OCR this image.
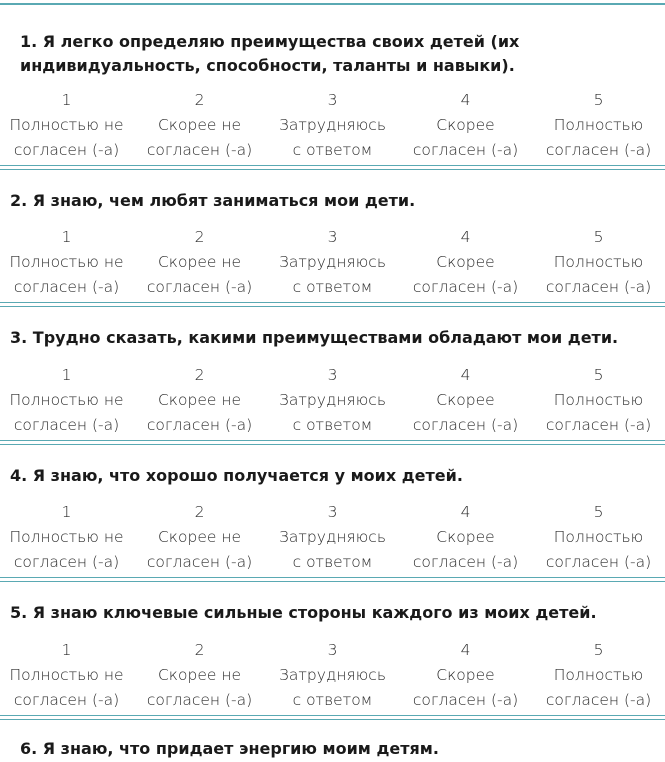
1. Я легко определяю преимущества своих детей (их индивидуальность, способности, таланты и навыки).

1
Полностью не
согласен (-а)
2
Скорее не
согласен (-а)
3
Затрудняюсь
с ответом
4
Скорее
согласен (-а)
5
Полностью
согласен (-а)

2. Я знаю, чем любят заниматься мои дети.

1
Полностью не
согласен (-а)
2
Скорее не
согласен (-а)
3
Затрудняюсь
с ответом
4
Скорее
согласен (-а)
5
Полностью
согласен (-а)

3. Трудно сказать, какими преимуществами обладают мои дети.

1
Полностью не
согласен (-а)
2
Скорее не
согласен (-а)
3
Затрудняюсь
с ответом
4
Скорее
согласен (-а)
5
Полностью
согласен (-а)

4. Я знаю, что хорошо получается у моих детей.

1
Полностью не
согласен (-а)
2
Скорее не
согласен (-а)
3
Затрудняюсь
с ответом
4
Скорее
согласен (-а)
5
Полностью
согласен (-а)

5. Я знаю ключевые сильные стороны каждого из моих детей.

1
Полностью не
согласен (-а)
2
Скорее не
согласен (-а)
3
Затрудняюсь
с ответом
4
Скорее
согласен (-а)
5
Полностью
согласен (-а)

6. Я знаю, что придает энергию моим детям.
